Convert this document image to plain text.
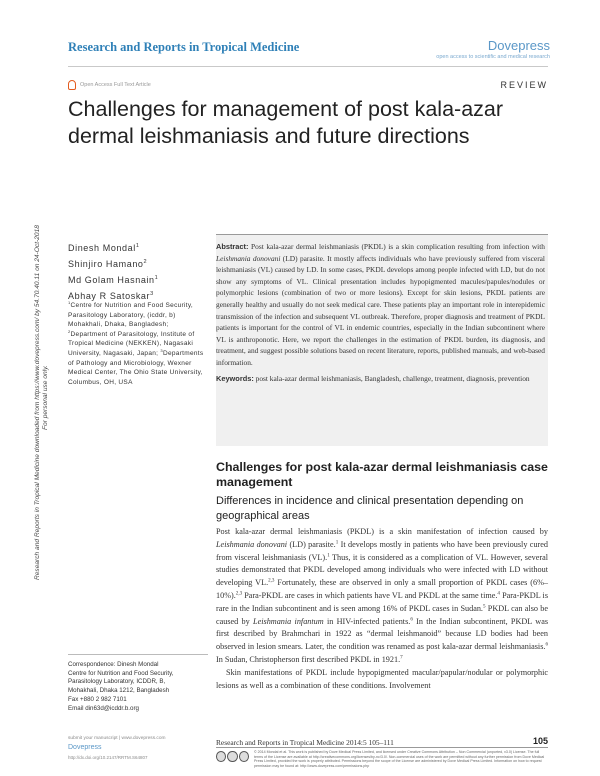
Research and Reports in Tropical Medicine	Dovepress
open access to scientific and medical research
Open Access Full Text Article	REVIEW
Challenges for management of post kala-azar dermal leishmaniasis and future directions
Research and Reports in Tropical Medicine downloaded from https://www.dovepress.com/ by 54.70.40.11 on 24-Oct-2018
For personal use only.
Dinesh Mondal$^1$
Shinjiro Hamano$^2$
Md Golam Hasnain$^1$
Abhay R Satoskar$^3$
$^1$Centre for Nutrition and Food Security, Parasitology Laboratory, (icddr, b) Mohakhali, Dhaka, Bangladesh; $^2$Department of Parasitology, Institute of Tropical Medicine (NEKKEN), Nagasaki University, Nagasaki, Japan; $^3$Departments of Pathology and Microbiology, Wexner Medical Center, The Ohio State University, Columbus, OH, USA

Abstract: Post kala-azar dermal leishmaniasis (PKDL) is a skin complication resulting from infection with Leishmania donovani (LD) parasite. It mostly affects individuals who have previously suffered from visceral leishmaniasis (VL) caused by LD. In some cases, PKDL develops among people infected with LD, but do not show any symptoms of VL. Clinical presentation includes hypopigmented macules/papules/nodules or polymorphic lesions (combination of two or more lesions). Except for skin lesions, PKDL patients are generally healthy and usually do not seek medical care. These patients play an important role in interepidemic transmission of the infection and subsequent VL outbreak. Therefore, proper diagnosis and treatment of PKDL patients is important for the control of VL in endemic countries, especially in the Indian subcontinent where VL is anthroponotic. Here, we report the challenges in the estimation of PKDL burden, its diagnosis, and treatment, and suggest possible solutions based on recent literature, reports, published manuals, and web-based information.

Keywords: post kala-azar dermal leishmaniasis, Bangladesh, challenge, treatment, diagnosis, prevention

Challenges for post kala-azar dermal leishmaniasis case management
Differences in incidence and clinical presentation depending on geographical areas

Post kala-azar dermal leishmaniasis (PKDL) is a skin manifestation of infection caused by Leishmania donovani (LD) parasite.$^1$ It develops mostly in patients who have been previously cured from visceral leishmaniasis (VL).$^1$ Thus, it is considered as a complication of VL. However, several studies demonstrated that PKDL developed among individuals who were infected with LD without developing VL.$^{2,3}$ Fortunately, these are observed in only a small proportion of PKDL cases (6%–10%).$^{2,3}$ Para-PKDL are cases in which patients have VL and PKDL at the same time.$^4$ Para-PKDL is rare in the Indian subcontinent and is seen among 16% of PKDL cases in Sudan.$^5$ PKDL can also be caused by Leishmania infantum in HIV-infected patients.$^6$ In the Indian subcontinent, PKDL was first described by Brahmchari in 1922 as “dermal leishmanoid” because LD bodies had been observed in lesion smears. Later, the condition was renamed as post kala-azar dermal leishmaniasis.$^6$ In Sudan, Christopherson first described PKDL in 1921.$^7$

Skin manifestations of PKDL include hypopigmented macular/papular/nodular or polymorphic lesions as well as a combination of these conditions. Involvement

Correspondence: Dinesh Mondal
Centre for Nutrition and Food Security,
Parasitology Laboratory, ICDDR, B,
Mohakhali, Dhaka 1212, Bangladesh
Fax +880 2 982 7101
Email din63d@icddr.b.org
submit your manuscript | www.dovepress.com
Dovepress
http://dx.doi.org/10.2147/RRTM.S64807
Research and Reports in Tropical Medicine 2014:5 105–111	105
© 2014 Mondal et al. This work is published by Dove Medical Press Limited, and licensed under Creative Commons Attribution – Non Commercial (unported, v3.0) License. The full terms of the License are available at http://creativecommons.org/licenses/by-nc/3.0/. Non-commercial uses of the work are permitted without any further permission from Dove Medical Press Limited, provided the work is properly attributed. Permissions beyond the scope of the License are administered by Dove Medical Press Limited. Information on how to request permission may be found at: http://www.dovepress.com/permissions.php
